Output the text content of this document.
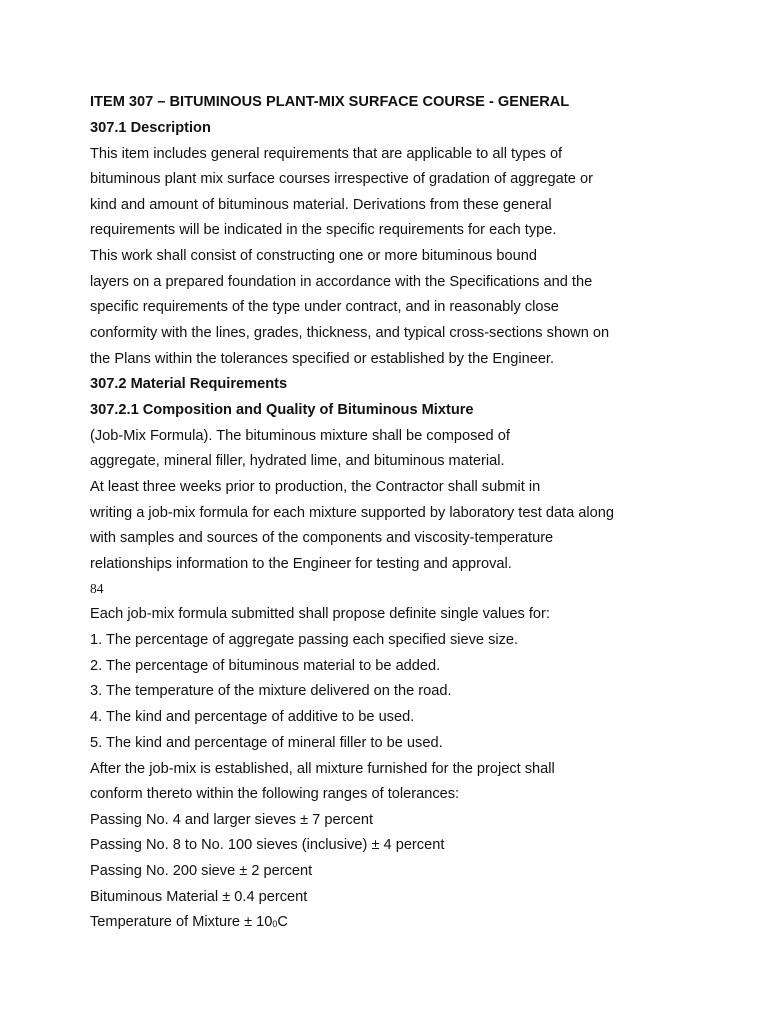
ITEM 307 – BITUMINOUS PLANT-MIX SURFACE COURSE - GENERAL
307.1 Description
This item includes general requirements that are applicable to all types of
bituminous plant mix surface courses irrespective of gradation of aggregate or
kind and amount of bituminous material. Derivations from these general
requirements will be indicated in the specific requirements for each type.
This work shall consist of constructing one or more bituminous bound
layers on a prepared foundation in accordance with the Specifications and the
specific requirements of the type under contract, and in reasonably close
conformity with the lines, grades, thickness, and typical cross-sections shown on
the Plans within the tolerances specified or established by the Engineer.
307.2 Material Requirements
307.2.1 Composition and Quality of Bituminous Mixture
(Job-Mix Formula). The bituminous mixture shall be composed of
aggregate, mineral filler, hydrated lime, and bituminous material.
At least three weeks prior to production, the Contractor shall submit in
writing a job-mix formula for each mixture supported by laboratory test data along
with samples and sources of the components and viscosity-temperature
relationships information to the Engineer for testing and approval.
84
Each job-mix formula submitted shall propose definite single values for:
1. The percentage of aggregate passing each specified sieve size.
2. The percentage of bituminous material to be added.
3. The temperature of the mixture delivered on the road.
4. The kind and percentage of additive to be used.
5. The kind and percentage of mineral filler to be used.
After the job-mix is established, all mixture furnished for the project shall
conform thereto within the following ranges of tolerances:
Passing No. 4 and larger sieves ± 7 percent
Passing No. 8 to No. 100 sieves (inclusive) ± 4 percent
Passing No. 200 sieve ± 2 percent
Bituminous Material ± 0.4 percent
Temperature of Mixture ± 100C
